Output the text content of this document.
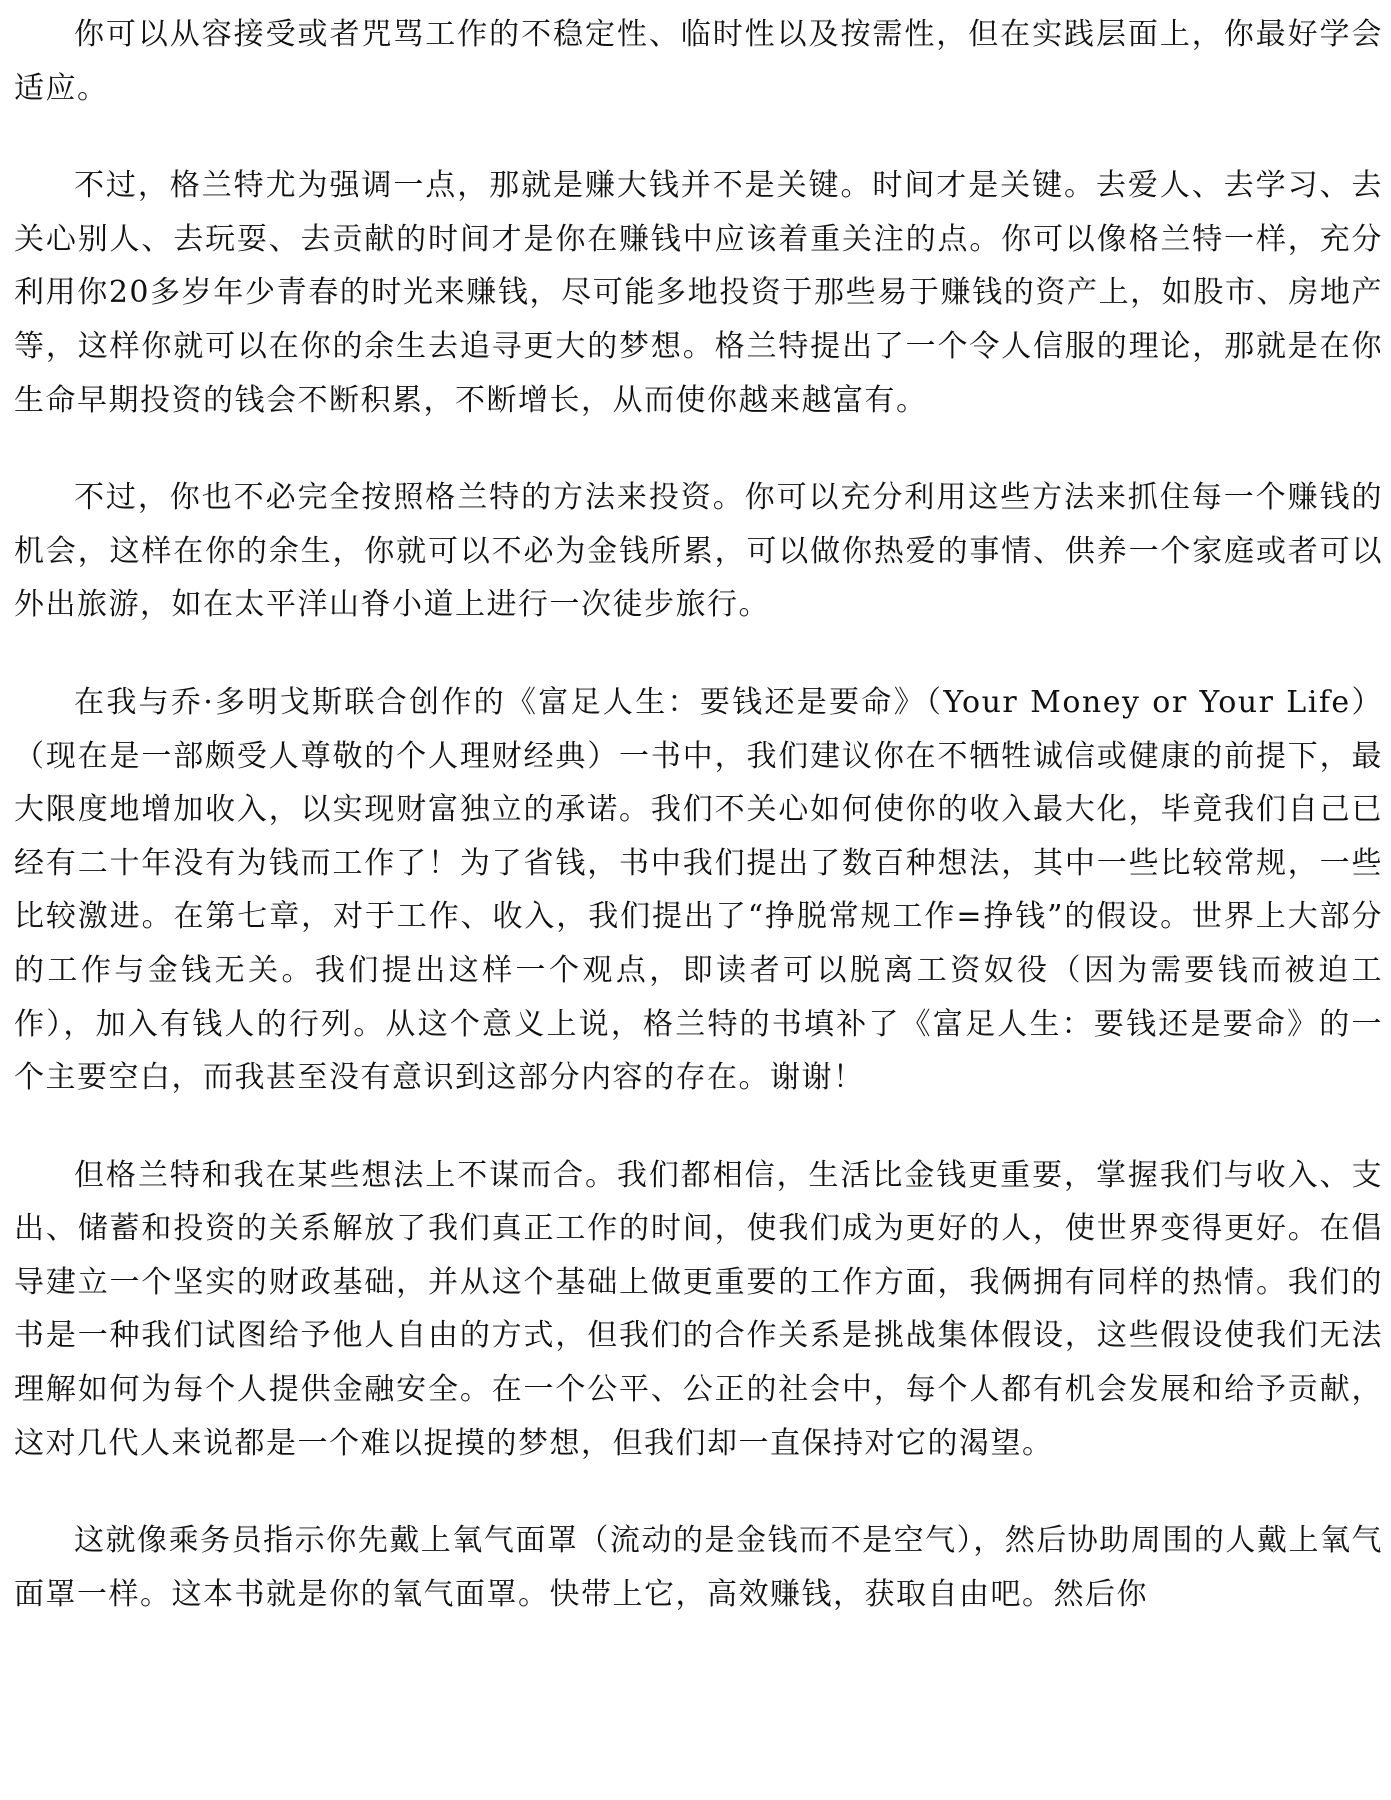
你可以从容接受或者咒骂工作的不稳定性、临时性以及按需性，但在实践层面上，你最好学会适应。

不过，格兰特尤为强调一点，那就是赚大钱并不是关键。时间才是关键。去爱人、去学习、去关心别人、去玩耍、去贡献的时间才是你在赚钱中应该着重关注的点。你可以像格兰特一样，充分利用你20多岁年少青春的时光来赚钱，尽可能多地投资于那些易于赚钱的资产上，如股市、房地产等，这样你就可以在你的余生去追寻更大的梦想。格兰特提出了一个令人信服的理论，那就是在你生命早期投资的钱会不断积累，不断增长，从而使你越来越富有。

不过，你也不必完全按照格兰特的方法来投资。你可以充分利用这些方法来抓住每一个赚钱的机会，这样在你的余生，你就可以不必为金钱所累，可以做你热爱的事情、供养一个家庭或者可以外出旅游，如在太平洋山脊小道上进行一次徒步旅行。

在我与乔·多明戈斯联合创作的《富足人生：要钱还是要命》（Your Money or Your Life）（现在是一部颇受人尊敬的个人理财经典）一书中，我们建议你在不牺牲诚信或健康的前提下，最大限度地增加收入，以实现财富独立的承诺。我们不关心如何使你的收入最大化，毕竟我们自己已经有二十年没有为钱而工作了！为了省钱，书中我们提出了数百种想法，其中一些比较常规，一些比较激进。在第七章，对于工作、收入，我们提出了“挣脱常规工作=挣钱”的假设。世界上大部分的工作与金钱无关。我们提出这样一个观点，即读者可以脱离工资奴役（因为需要钱而被迫工作），加入有钱人的行列。从这个意义上说，格兰特的书填补了《富足人生：要钱还是要命》的一个主要空白，而我甚至没有意识到这部分内容的存在。谢谢！

但格兰特和我在某些想法上不谋而合。我们都相信，生活比金钱更重要，掌握我们与收入、支出、储蓄和投资的关系解放了我们真正工作的时间，使我们成为更好的人，使世界变得更好。在倡导建立一个坚实的财政基础，并从这个基础上做更重要的工作方面，我俩拥有同样的热情。我们的书是一种我们试图给予他人自由的方式，但我们的合作关系是挑战集体假设，这些假设使我们无法理解如何为每个人提供金融安全。在一个公平、公正的社会中，每个人都有机会发展和给予贡献，这对几代人来说都是一个难以捉摸的梦想，但我们却一直保持对它的渴望。

这就像乘务员指示你先戴上氧气面罩（流动的是金钱而不是空气），然后协助周围的人戴上氧气面罩一样。这本书就是你的氧气面罩。快带上它，高效赚钱，获取自由吧。然后你
